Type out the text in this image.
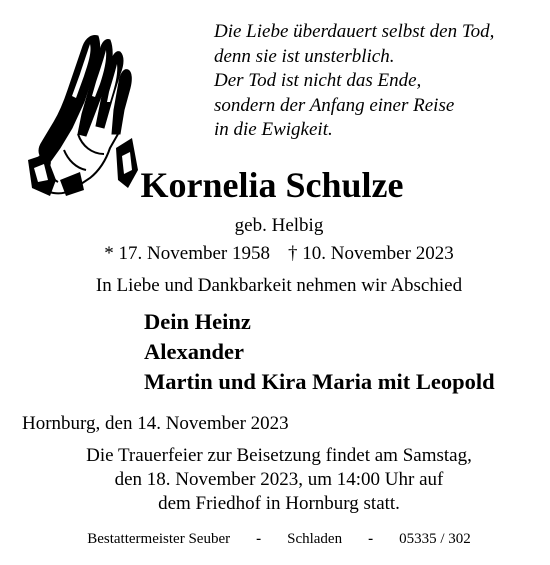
Die Liebe überdauert selbst den Tod,
denn sie ist unsterblich.
Der Tod ist nicht das Ende,
sondern der Anfang einer Reise
in die Ewigkeit.
Kornelia Schulze
geb. Helbig
* 17. November 1958 † 10. November 2023
In Liebe und Dankbarkeit nehmen wir Abschied
Dein Heinz
Alexander
Martin und Kira Maria mit Leopold
Hornburg, den 14. November 2023
Die Trauerfeier zur Beisetzung findet am Samstag,
den 18. November 2023, um 14:00 Uhr auf
dem Friedhof in Hornburg statt.
Bestattermeister Seuber - Schladen - 05335 / 302
